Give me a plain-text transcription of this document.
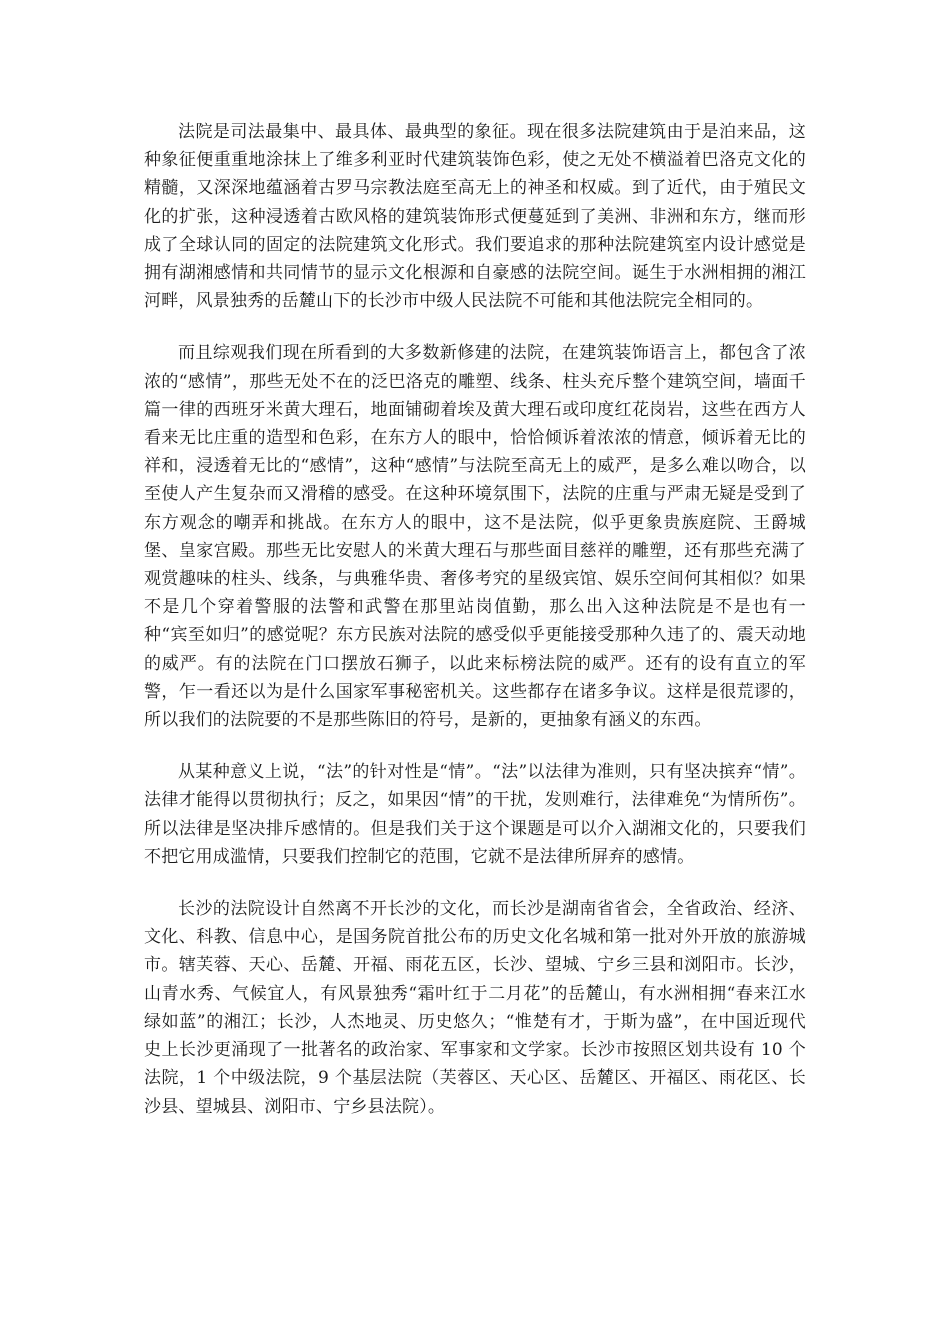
法院是司法最集中、最具体、最典型的象征。现在很多法院建筑由于是泊来品，这种象征便重重地涂抹上了维多利亚时代建筑装饰色彩，使之无处不横溢着巴洛克文化的精髓，又深深地蕴涵着古罗马宗教法庭至高无上的神圣和权威。到了近代，由于殖民文化的扩张，这种浸透着古欧风格的建筑装饰形式便蔓延到了美洲、非洲和东方，继而形成了全球认同的固定的法院建筑文化形式。我们要追求的那种法院建筑室内设计感觉是拥有湖湘感情和共同情节的显示文化根源和自豪感的法院空间。诞生于水洲相拥的湘江河畔，风景独秀的岳麓山下的长沙市中级人民法院不可能和其他法院完全相同的。

而且综观我们现在所看到的大多数新修建的法院，在建筑装饰语言上，都包含了浓浓的“感情”，那些无处不在的泛巴洛克的雕塑、线条、柱头充斥整个建筑空间，墙面千篇一律的西班牙米黄大理石，地面铺砌着埃及黄大理石或印度红花岗岩，这些在西方人看来无比庄重的造型和色彩，在东方人的眼中，恰恰倾诉着浓浓的情意，倾诉着无比的祥和，浸透着无比的“感情”，这种“感情”与法院至高无上的威严，是多么难以吻合，以至使人产生复杂而又滑稽的感受。在这种环境氛围下，法院的庄重与严肃无疑是受到了东方观念的嘲弄和挑战。在东方人的眼中，这不是法院，似乎更象贵族庭院、王爵城堡、皇家宫殿。那些无比安慰人的米黄大理石与那些面目慈祥的雕塑，还有那些充满了观赏趣味的柱头、线条，与典雅华贵、奢侈考究的星级宾馆、娱乐空间何其相似？如果不是几个穿着警服的法警和武警在那里站岗值勤，那么出入这种法院是不是也有一种“宾至如归”的感觉呢？东方民族对法院的感受似乎更能接受那种久违了的、震天动地的威严。有的法院在门口摆放石狮子，以此来标榜法院的威严。还有的设有直立的军警，乍一看还以为是什么国家军事秘密机关。这些都存在诸多争议。这样是很荒谬的，所以我们的法院要的不是那些陈旧的符号，是新的，更抽象有涵义的东西。

从某种意义上说，“法”的针对性是“情”。“法”以法律为准则，只有坚决摈弃“情”。法律才能得以贯彻执行；反之，如果因“情”的干扰，发则难行，法律难免“为情所伤”。所以法律是坚决排斥感情的。但是我们关于这个课题是可以介入湖湘文化的，只要我们不把它用成滥情，只要我们控制它的范围，它就不是法律所屏弃的感情。

长沙的法院设计自然离不开长沙的文化，而长沙是湖南省省会，全省政治、经济、文化、科教、信息中心，是国务院首批公布的历史文化名城和第一批对外开放的旅游城市。辖芙蓉、天心、岳麓、开福、雨花五区，长沙、望城、宁乡三县和浏阳市。长沙，山青水秀、气候宜人，有风景独秀“霜叶红于二月花”的岳麓山，有水洲相拥“春来江水绿如蓝”的湘江；长沙，人杰地灵、历史悠久；“惟楚有才，于斯为盛”，在中国近现代史上长沙更涌现了一批著名的政治家、军事家和文学家。长沙市按照区划共设有 10 个法院，1 个中级法院，9 个基层法院（芙蓉区、天心区、岳麓区、开福区、雨花区、长沙县、望城县、浏阳市、宁乡县法院）。
